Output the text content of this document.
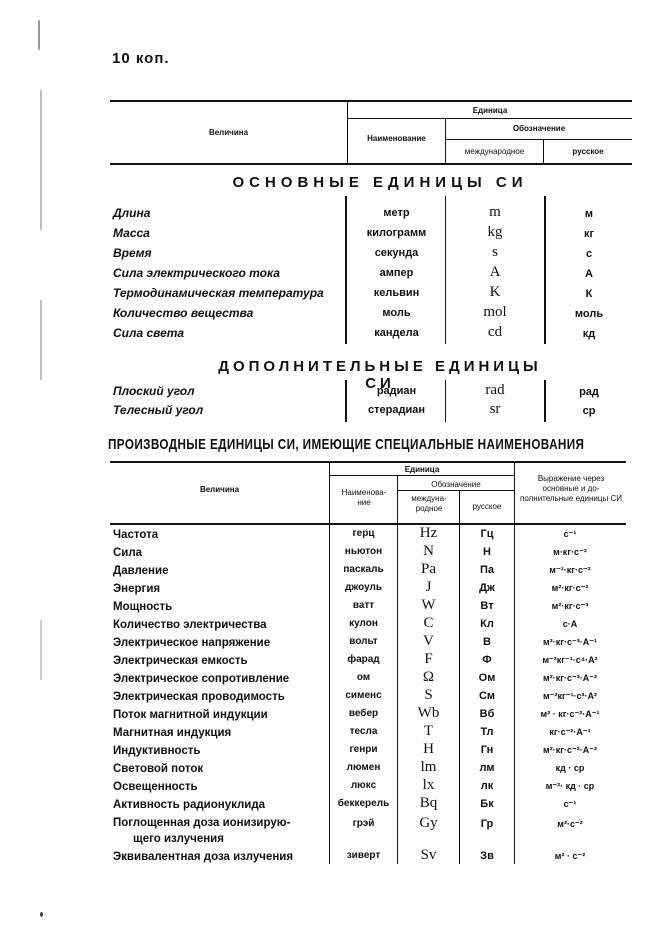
10 коп.
Величина
Единица
Наименование
Обозначение
международное	русское
ОСНОВНЫЕ ЕДИНИЦЫ СИ
Длина	метр	m	м
Масса	килограмм	kg	кг
Время	секунда	s	с
Сила электрического тока	ампер	A	А
Термодинамическая температура	кельвин	K	К
Количество вещества	моль	mol	моль
Сила света	кандела	cd	кд
ДОПОЛНИТЕЛЬНЫЕ ЕДИНИЦЫ СИ
Плоский угол	радиан	rad	рад
Телесный угол	стерадиан	sr	ср
ПРОИЗВОДНЫЕ ЕДИНИЦЫ СИ, ИМЕЮЩИЕ СПЕЦИАЛЬНЫЕ НАИМЕНОВАНИЯ
Величина
Единица
Наименова-ние
Обозначение
междуна-родное	русское
Выражение через основные и до-полнительные единицы СИ
Частота	герц	Hz	Гц	с⁻¹
Сила	ньютон	N	Н	м·кг·с⁻²
Давление	паскаль	Pa	Па	м⁻¹·кг·с⁻²
Энергия	джоуль	J	Дж	м²·кг·с⁻²
Мощность	ватт	W	Вт	м²·кг·с⁻³
Количество электричества	кулон	C	Кл	с·А
Электрическое напряжение	вольт	V	В	м²·кг·с⁻³·А⁻¹
Электрическая емкость	фарад	F	Ф	м⁻²кг⁻¹·с⁴·А²
Электрическое сопротивление	ом	Ω	Ом	м²·кг·с⁻³·А⁻²
Электрическая проводимость	сименс	S	См	м⁻²кг⁻¹·с³·А²
Поток магнитной индукции	вебер	Wb	Вб	м² · кг·с⁻²·А⁻¹
Магнитная индукция	тесла	T	Тл	кг·с⁻²·А⁻¹
Индуктивность	генри	H	Гн	м²·кг·с⁻²·А⁻²
Световой поток	люмен	lm	лм	кд · ср
Освещенность	люкс	lx	лк	м⁻²· кд · ср
Активность радионуклида	беккерель	Bq	Бк	с⁻¹
Поглощенная доза ионизирую-
щего излучения
грэй	Gy	Гр	м²·с⁻²
Эквивалентная доза излучения	зиверт	Sv	Зв	м² · с⁻²
